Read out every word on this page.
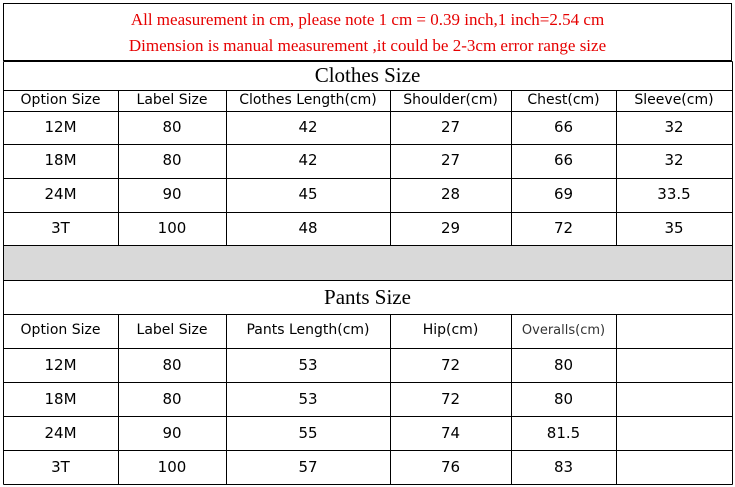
All measurement in cm, please note 1 cm = 0.39 inch,1 inch=2.54 cm
Dimension is manual measurement ,it could be 2-3cm error range size
Clothes Size
Pants Size
Option Size	Label Size	Clothes Length(cm)	Shoulder(cm)	Chest(cm)	Sleeve(cm)
12M	80	42	27	66	32
18M	80	42	27	66	32
24M	90	45	28	69	33.5
3T	100	48	29	72	35
Option Size	Label Size	Pants Length(cm)	Hip(cm)	Overalls(cm)
12M	80	53	72	80
18M	80	53	72	80
24M	90	55	74	81.5
3T	100	57	76	83
